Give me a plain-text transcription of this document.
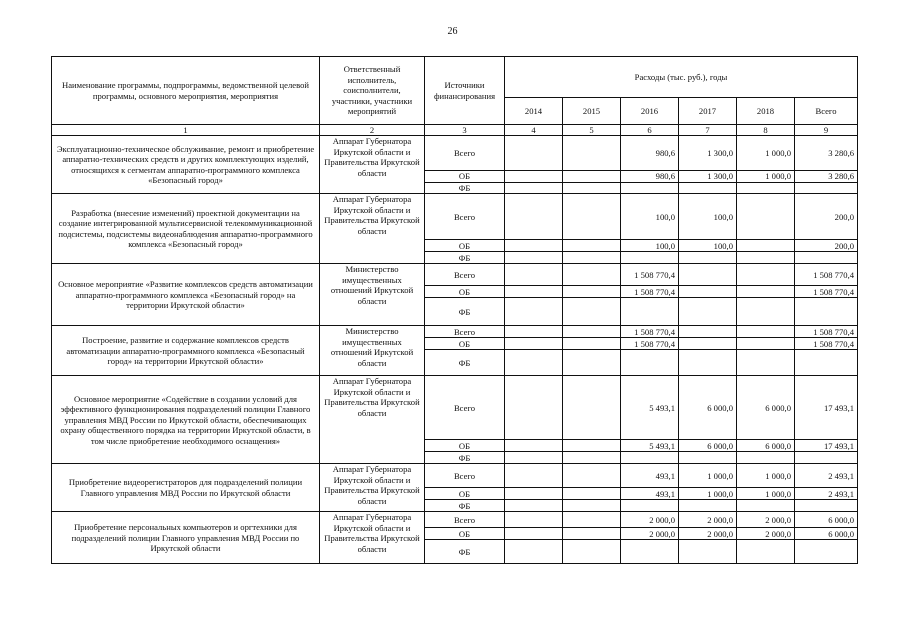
26
Наименование программы, подпрограммы, ведомственной целевой программы, основного мероприятия, мероприятия	Ответственный исполнитель, соисполнители, участники, участники мероприятий	Источники финансирования	Расходы (тыс. руб.), годы					
			2014	2015	2016	2017	2018	Всего
1	2	3	4	5	6	7	8	9
Эксплуатационно-техническое обслуживание, ремонт и приобретение аппаратно-технических средств и других комплектующих изделий, относящихся к сегментам аппаратно-программного комплекса «Безопасный город»	Аппарат Губернатора Иркутской области и Правительства Иркутской области	Всего			980,6	1 300,0	1 000,0	3 280,6
		ОБ			980,6	1 300,0	1 000,0	3 280,6
		ФБ						
Разработка (внесение изменений) проектной документации на создание интегрированной мультисервисной телекоммуникационной подсистемы, подсистемы видеонаблюдения аппаратно-программного комплекса «Безопасный город»	Аппарат Губернатора Иркутской области и Правительства Иркутской области	Всего			100,0	100,0		200,0
		ОБ			100,0	100,0		200,0
		ФБ						
Основное мероприятие «Развитие комплексов средств автоматизации аппаратно-программного комплекса «Безопасный город» на территории Иркутской области»	Министерство имущественных отношений Иркутской области	Всего			1 508 770,4			1 508 770,4
		ОБ			1 508 770,4			1 508 770,4
		ФБ						
Построение, развитие и содержание комплексов средств автоматизации аппаратно-программного комплекса «Безопасный город» на территории Иркутской области»	Министерство имущественных отношений Иркутской области	Всего			1 508 770,4			1 508 770,4
		ОБ			1 508 770,4			1 508 770,4
		ФБ						
Основное мероприятие «Содействие в создании условий для эффективного функционирования подразделений полиции Главного управления МВД России по Иркутской области, обеспечивающих охрану общественного порядка на территории Иркутской области, в том числе приобретение необходимого оснащения»	Аппарат Губернатора Иркутской области и Правительства Иркутской области	Всего			5 493,1	6 000,0	6 000,0	17 493,1
		ОБ			5 493,1	6 000,0	6 000,0	17 493,1
		ФБ						
Приобретение видеорегистраторов для подразделений полиции Главного управления МВД России по Иркутской области	Аппарат Губернатора Иркутской области и Правительства Иркутской области	Всего			493,1	1 000,0	1 000,0	2 493,1
		ОБ			493,1	1 000,0	1 000,0	2 493,1
		ФБ						
Приобретение персональных компьютеров и оргтехники для подразделений полиции Главного управления МВД России по Иркутской области	Аппарат Губернатора Иркутской области и Правительства Иркутской области	Всего			2 000,0	2 000,0	2 000,0	6 000,0
		ОБ			2 000,0	2 000,0	2 000,0	6 000,0
		ФБ						
